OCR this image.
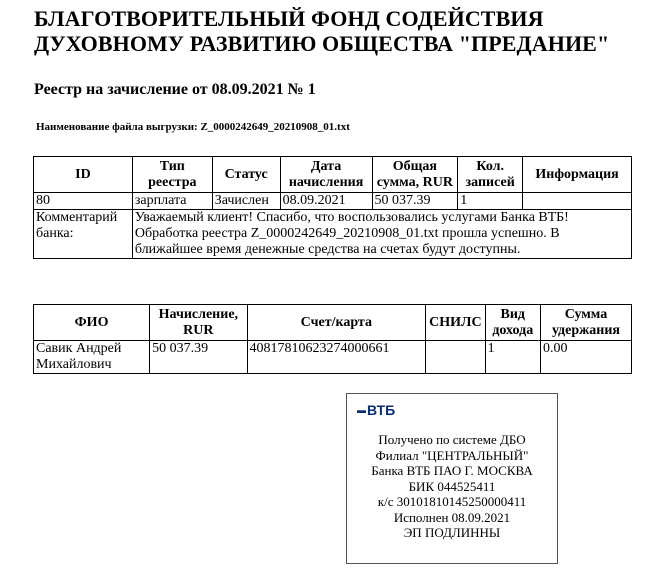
БЛАГОТВОРИТЕЛЬНЫЙ ФОНД СОДЕЙСТВИЯ ДУХОВНОМУ РАЗВИТИЮ ОБЩЕСТВА "ПРЕДАНИЕ"
Реестр на зачисление от 08.09.2021 № 1
Наименование файла выгрузки: Z_0000242649_20210908_01.txt
ID	Тип реестра	Статус	Дата начисления	Общая сумма, RUR	Кол. записей	Информация
80	зарплата	Зачислен	08.09.2021	50 037.39	1	
Комментарий банка:	Уважаемый клиент! Спасибо, что воспользовались услугами Банка ВТБ! Обработка реестра Z_0000242649_20210908_01.txt прошла успешно. В ближайшее время денежные средства на счетах будут доступны.					
ФИО	Начисление, RUR	Счет/карта	СНИЛС	Вид дохода	Сумма удержания
Савик Андрей Михайлович	50 037.39	40817810623274000661		1	0.00
▬ ВТБ
Получено по системе ДБО
Филиал "ЦЕНТРАЛЬНЫЙ"
Банка ВТБ ПАО Г. МОСКВА
БИК 044525411
к/с 30101810145250000411
Исполнен 08.09.2021
ЭП ПОДЛИННЫ
